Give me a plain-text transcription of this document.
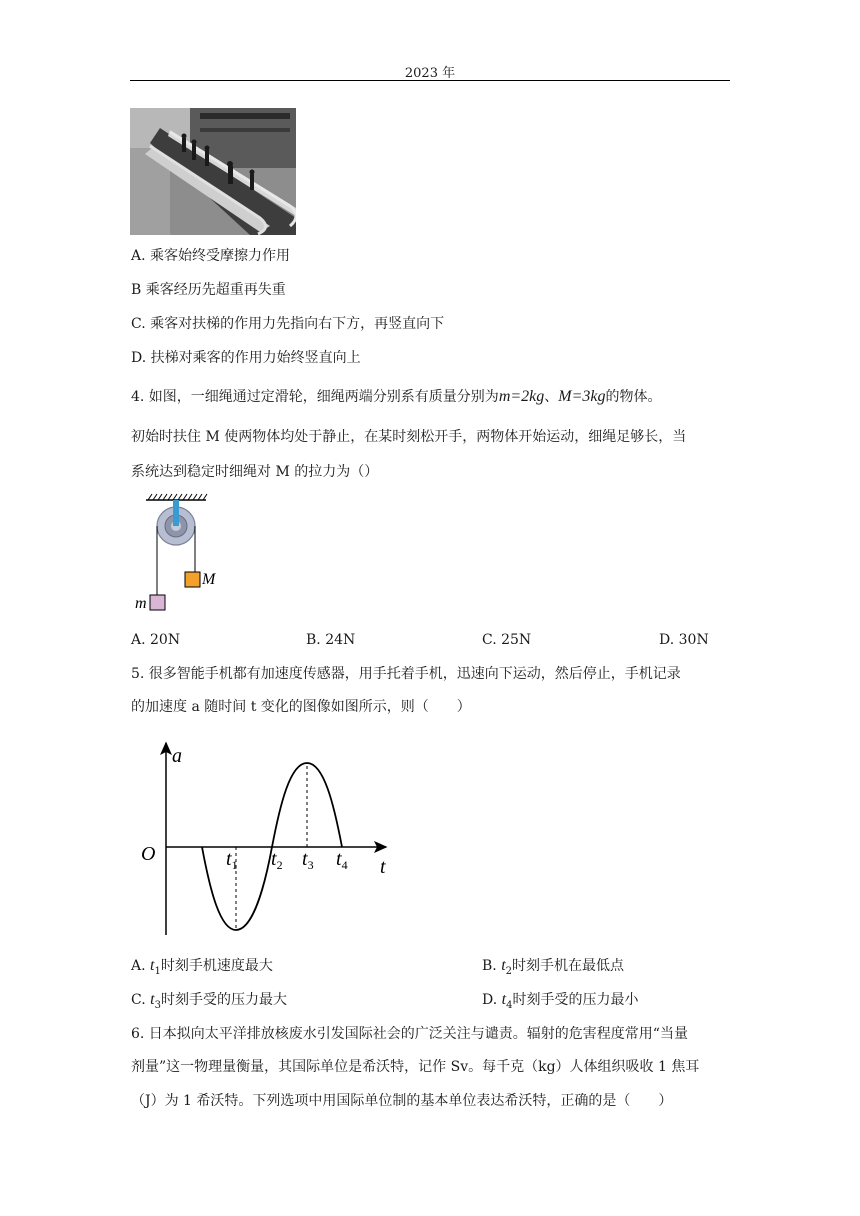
2023 年
A. 乘客始终受摩擦力作用
B 乘客经历先超重再失重
C. 乘客对扶梯的作用力先指向右下方，再竖直向下
D. 扶梯对乘客的作用力始终竖直向上
4. 如图，一细绳通过定滑轮，细绳两端分别系有质量分别为m=2kg、M=3kg的物体。
初始时扶住 M 使两物体均处于静止，在某时刻松开手，两物体开始运动，细绳足够长，当
系统达到稳定时细绳对 M 的拉力为（）
M
m
A. 20N	B. 24N	C. 25N	D. 30N
5. 很多智能手机都有加速度传感器，用手托着手机，迅速向下运动，然后停止，手机记录
的加速度 a 随时间 t 变化的图像如图所示，则（　　）
a
t
O	$t_1$ $t_2$ $t_3$ $t_4$
A. $t_1$时刻手机速度最大	B. $t_2$时刻手机在最低点
C. $t_3$时刻手受的压力最大	D. $t_4$时刻手受的压力最小
6. 日本拟向太平洋排放核废水引发国际社会的广泛关注与谴责。辐射的危害程度常用“当量
剂量”这一物理量衡量，其国际单位是希沃特，记作 Sv。每千克（kg）人体组织吸收 1 焦耳
（J）为 1 希沃特。下列选项中用国际单位制的基本单位表达希沃特，正确的是（　　）
